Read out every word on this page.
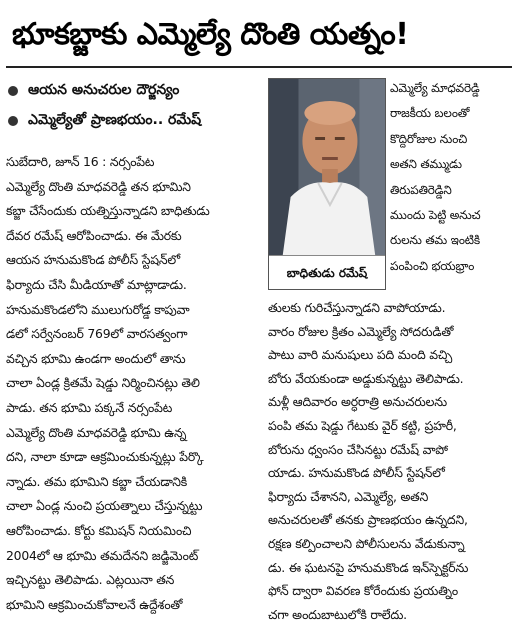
భూకబ్జాకు ఎమ్మెల్యే దొంతి యత్నం!
ఆయన అనుచరుల దౌర్జన్యం
ఎమ్మెల్యేతో ప్రాణభయం.. రమేష్
బాధితుడు రమేష్
సుబేదారి, జూన్ 16 : నర్సంపేట
ఎమ్మెల్యే దొంతి మాధవరెడ్డి తన భూమిని
కబ్జా చేసేందుకు యత్నిస్తున్నాడని బాధితుడు
దేవర రమేష్ ఆరోపించాడు. ఈ మేరకు
ఆయన హనుమకొండ పోలీస్ స్టేషన్‌లో
ఫిర్యాదు చేసి మీడియాతో మాట్లాడాడు.
హనుమకొండలోని ములుగురోడ్డ కాపువా
డలో సర్వేనంబర్ 769లో వారసత్వంగా
వచ్చిన భూమి ఉండగా అందులో తాను
చాలా ఏండ్ల క్రితమే షెడ్డు నిర్మించినట్లు తెలి
పాడు. తన భూమి పక్కనే నర్సంపేట
ఎమ్మెల్యే దొంతి మాధవరెడ్డి భూమి ఉన్న
దని, నాలా కూడా ఆక్రమించుకున్నట్లు పేర్కొ
న్నాడు. తమ భూమిని కబ్జా చేయడానికి
చాలా ఏండ్ల నుంచి ప్రయత్నాలు చేస్తున్నట్టు
ఆరోపించాడు. కోర్టు కమిషన్ నియమించి
2004లో ఆ భూమి తమదేనని జడ్జిమెంట్
ఇచ్చినట్టు తెలిపాడు. ఎట్లయినా తన
భూమిని ఆక్రమించుకోవాలనే ఉద్దేశంతో
ఎమ్మెల్యే మాధవరెడ్డి
రాజకీయ బలంతో
కొద్దిరోజుల నుంచి
అతని తమ్ముడు
తిరుపతిరెడ్డిని
ముందు పెట్టి అనుచ
రులను తమ ఇంటికి
పంపించి భయభ్రాం
తులకు గురిచేస్తున్నాడని వాపోయాడు.
వారం రోజుల క్రితం ఎమ్మెల్యే సోదరుడితో
పాటు వారి మనుషులు పది మంది వచ్చి
బోరు వేయకుండా అడ్డుకున్నట్టు తెలిపాడు.
మళ్లీ ఆదివారం అర్ధరాత్రి అనుచరులను
పంపి తమ షెడ్డు గేటుకు వైర్ కట్టి, ప్రహరీ,
బోరును ధ్వంసం చేసినట్టు రమేష్ వాపో
యాడు. హనుమకొండ పోలీస్ స్టేషన్‌లో
ఫిర్యాదు చేశానని, ఎమ్మెల్యే, అతని
అనుచరులతో తనకు ప్రాణభయం ఉన్నదని,
రక్షణ కల్పించాలని పోలీసులను వేడుకున్నా
డు. ఈ ఘటనపై హనుమకొండ ఇన్‌స్పెక్టర్‌ను
ఫోన్ ద్వారా వివరణ కోరేందుకు ప్రయత్నిం
చగా అందుబాటులోకి రాలేదు.
